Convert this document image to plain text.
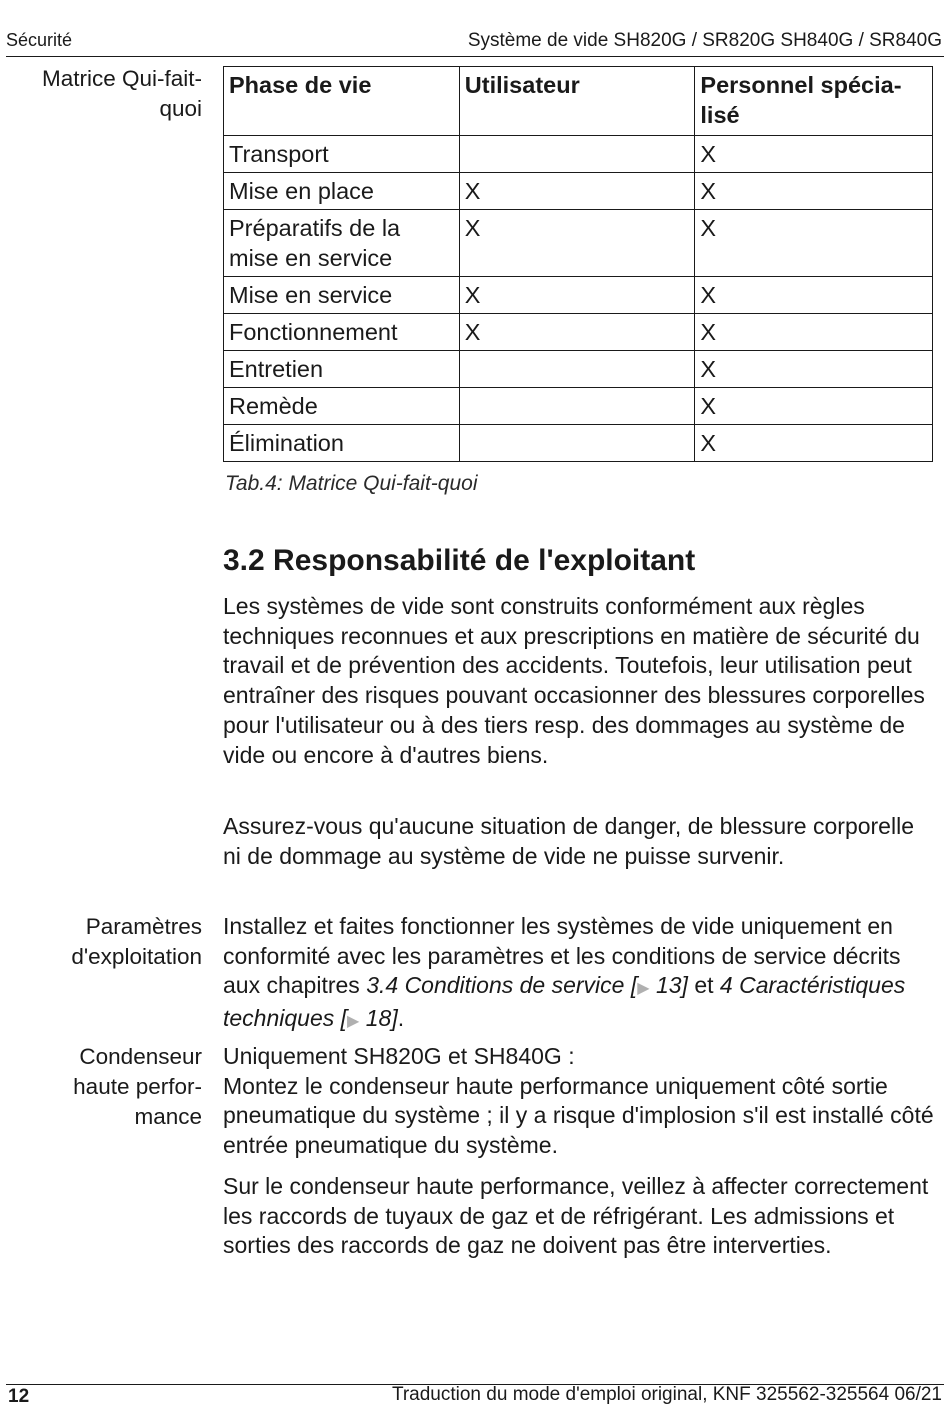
Sécurité	Système de vide SH820G / SR820G SH840G / SR840G
Matrice Qui-fait-
quoi
Phase de vie	Utilisateur	Personnel spécia-
lisé
Transport		X
Mise en place	X	X
Préparatifs de la mise en service	X	X
Mise en service	X	X
Fonctionnement	X	X
Entretien		X
Remède		X
Élimination		X
Tab.4: Matrice Qui-fait-quoi
3.2 Responsabilité de l'exploitant

Les systèmes de vide sont construits conformément aux règles techniques reconnues et aux prescriptions en matière de sécurité du travail et de prévention des accidents. Toutefois, leur utilisation peut entraîner des risques pouvant occasionner des blessures corporelles pour l'utilisateur ou à des tiers resp. des dommages au système de vide ou encore à d'autres biens.

Assurez-vous qu'aucune situation de danger, de blessure corporelle ni de dommage au système de vide ne puisse survenir.

Paramètres
d'exploitation

Installez et faites fonctionner les systèmes de vide uniquement en conformité avec les paramètres et les conditions de service décrits aux chapitres 3.4 Conditions de service [▶ 13] et 4 Caractéristiques techniques [▶ 18].

Condenseur
haute perfor-
mance
Uniquement SH820G et SH840G :
Montez le condenseur haute performance uniquement côté sortie pneumatique du système ; il y a risque d'implosion s'il est installé côté entrée pneumatique du système.

Sur le condenseur haute performance, veillez à affecter correctement les raccords de tuyaux de gaz et de réfrigérant. Les admissions et sorties des raccords de gaz ne doivent pas être interverties.

12	Traduction du mode d'emploi original, KNF 325562-325564 06/21
